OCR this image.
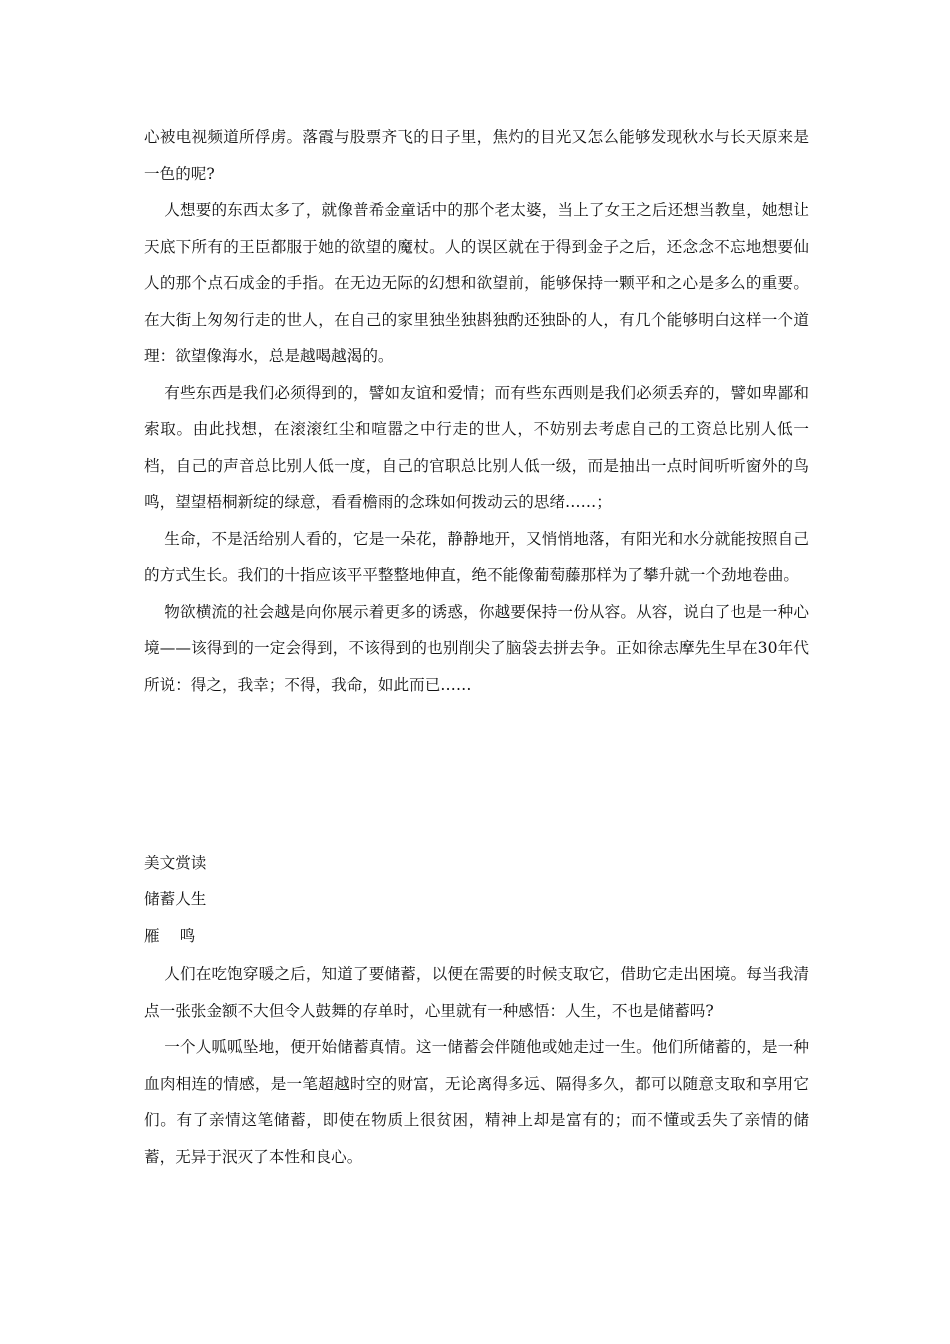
心被电视频道所俘虏。落霞与股票齐飞的日子里，焦灼的目光又怎么能够发现秋水与长天原来是一色的呢?

人想要的东西太多了，就像普希金童话中的那个老太婆，当上了女王之后还想当教皇，她想让天底下所有的王臣都服于她的欲望的魔杖。人的误区就在于得到金子之后，还念念不忘地想要仙人的那个点石成金的手指。在无边无际的幻想和欲望前，能够保持一颗平和之心是多么的重要。在大街上匆匆行走的世人，在自己的家里独坐独斟独酌还独卧的人，有几个能够明白这样一个道理：欲望像海水，总是越喝越渴的。

有些东西是我们必须得到的，譬如友谊和爱情；而有些东西则是我们必须丢弃的，譬如卑鄙和索取。由此找想，在滚滚红尘和喧嚣之中行走的世人，不妨别去考虑自己的工资总比别人低一档，自己的声音总比别人低一度，自己的官职总比别人低一级，而是抽出一点时间听听窗外的鸟鸣，望望梧桐新绽的绿意，看看檐雨的念珠如何拨动云的思绪……；

生命，不是活给别人看的，它是一朵花，静静地开，又悄悄地落，有阳光和水分就能按照自己的方式生长。我们的十指应该平平整整地伸直，绝不能像葡萄藤那样为了攀升就一个劲地卷曲。

物欲横流的社会越是向你展示着更多的诱惑，你越要保持一份从容。从容，说白了也是一种心境——该得到的一定会得到，不该得到的也别削尖了脑袋去拼去争。正如徐志摩先生早在30年代所说：得之，我幸；不得，我命，如此而已……

美文赏读
储蓄人生
雁鸣

人们在吃饱穿暖之后，知道了要储蓄，以便在需要的时候支取它，借助它走出困境。每当我清点一张张金额不大但令人鼓舞的存单时，心里就有一种感悟：人生，不也是储蓄吗?

一个人呱呱坠地，便开始储蓄真情。这一储蓄会伴随他或她走过一生。他们所储蓄的，是一种血肉相连的情感，是一笔超越时空的财富，无论离得多远、隔得多久，都可以随意支取和享用它们。有了亲情这笔储蓄，即使在物质上很贫困，精神上却是富有的；而不懂或丢失了亲情的储蓄，无异于泯灭了本性和良心。
